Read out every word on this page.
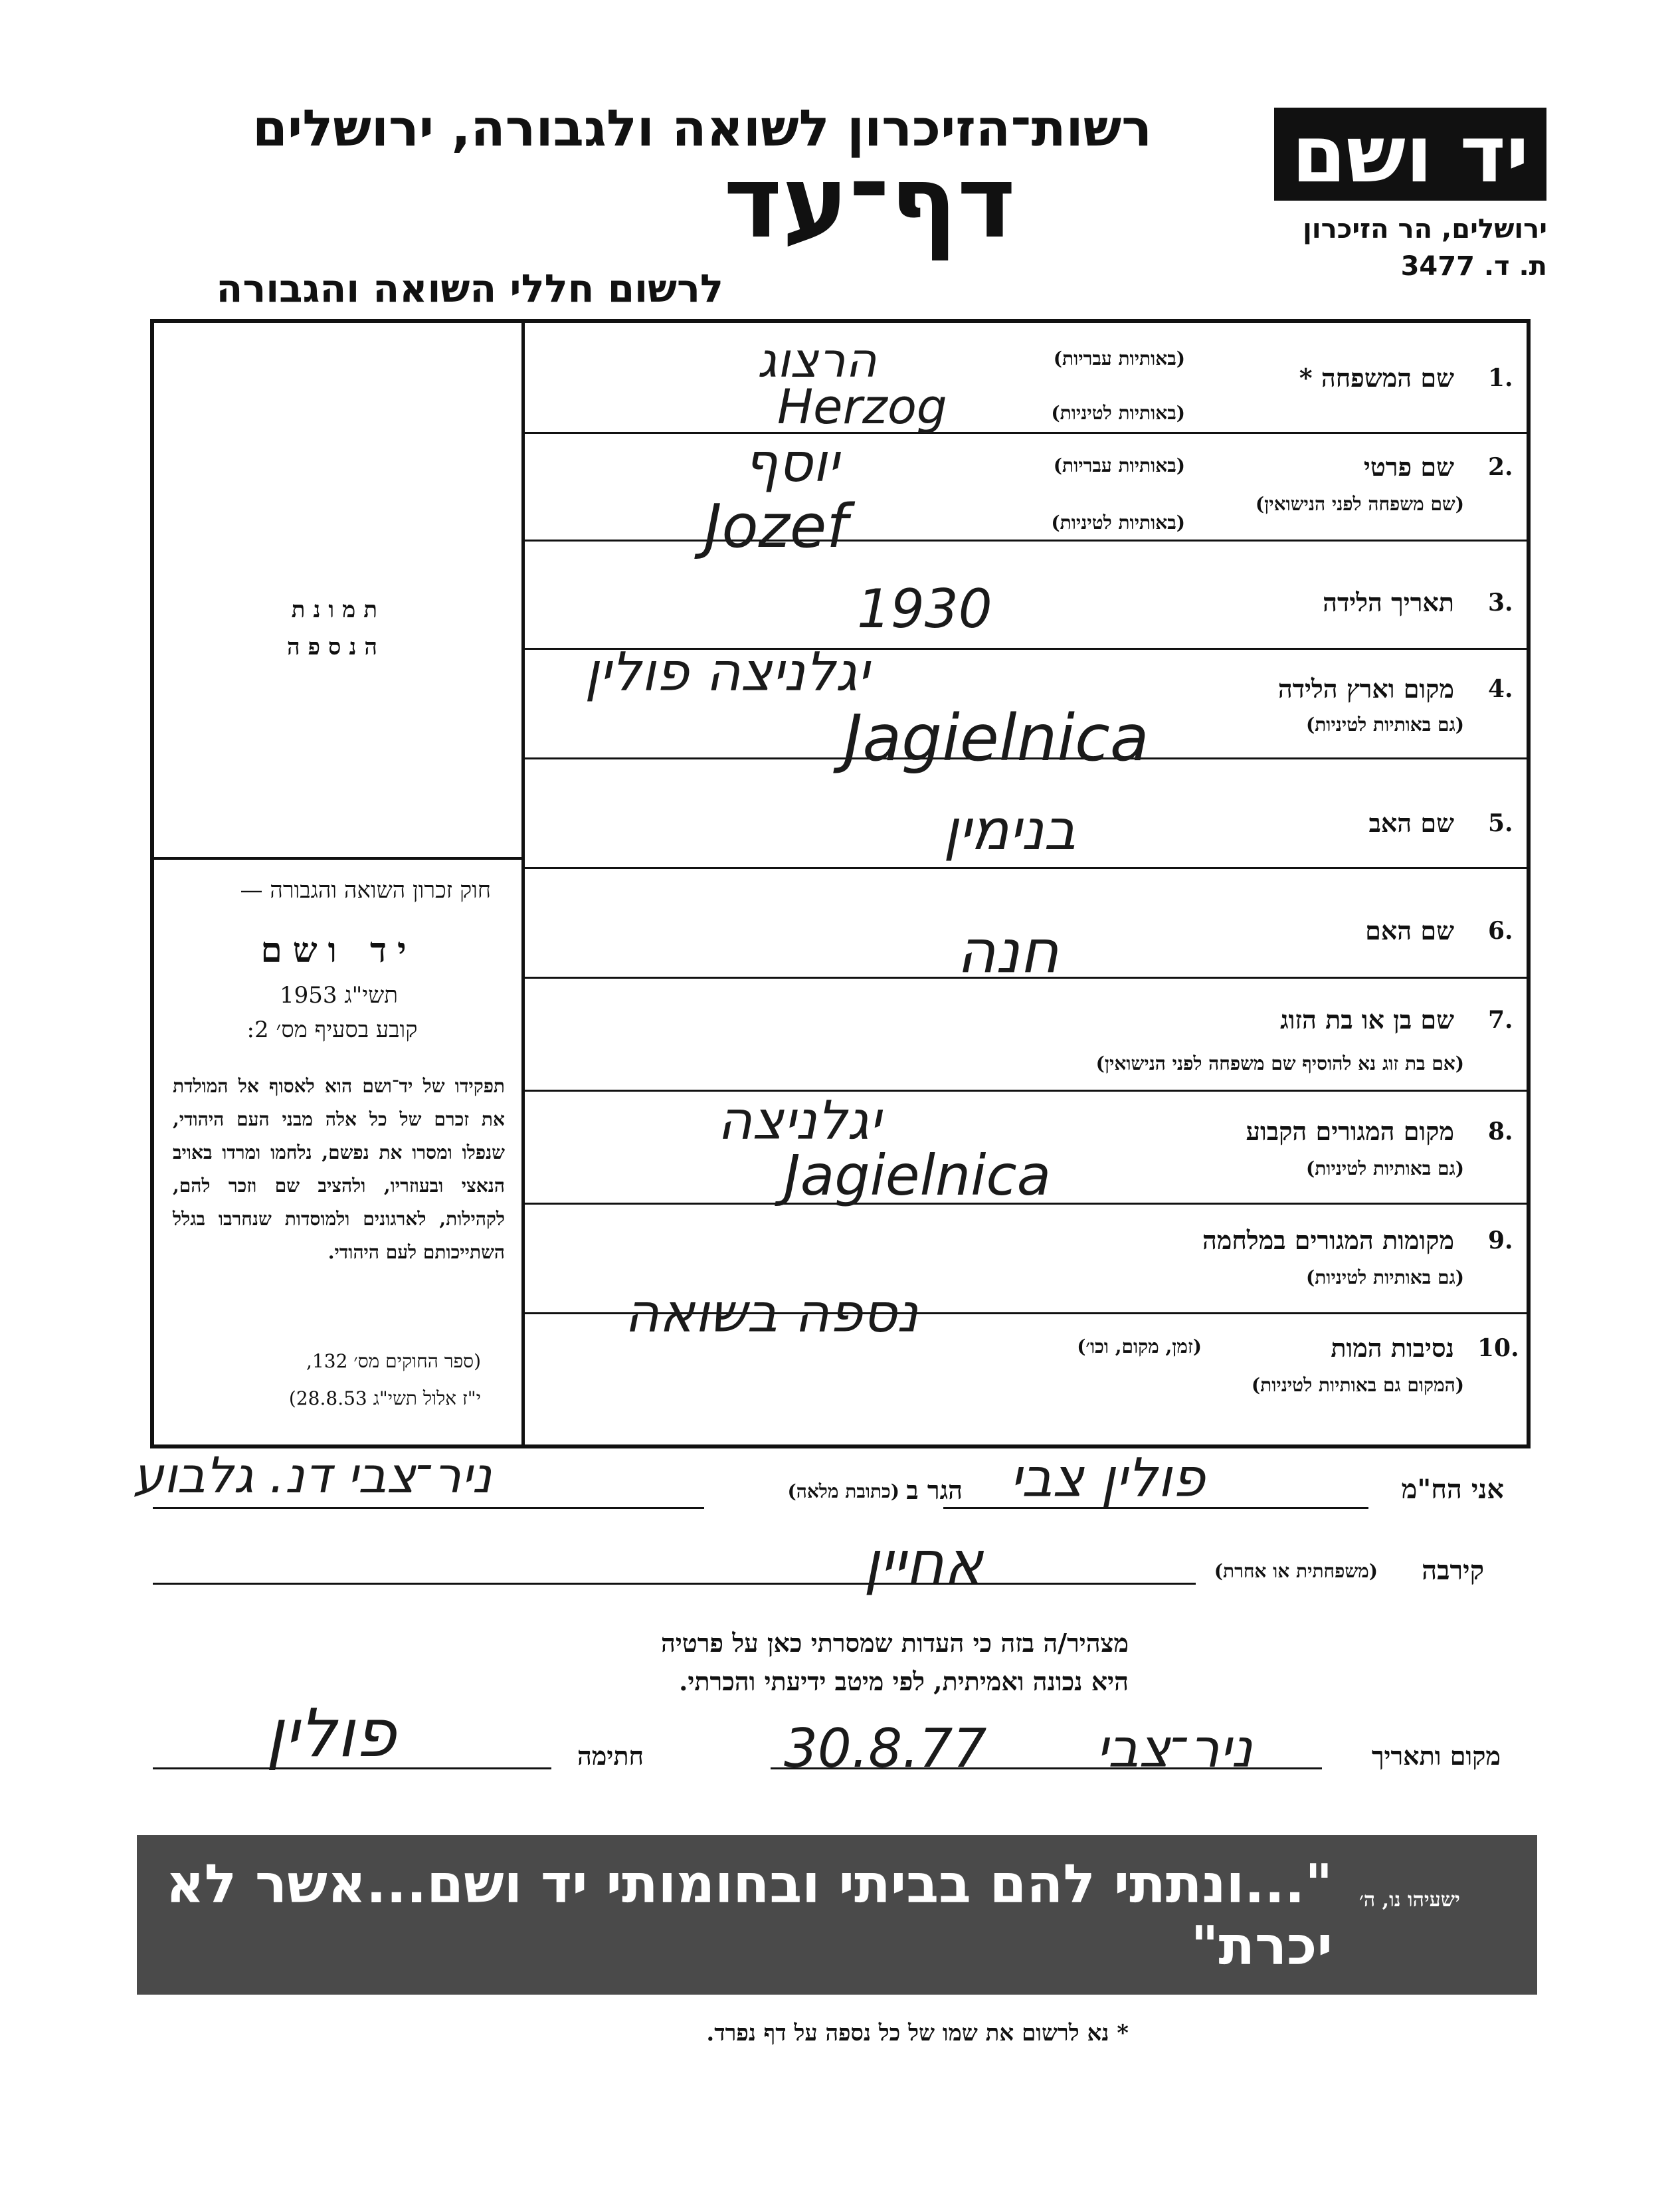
רשות־הזיכרון לשואה ולגבורה, ירושלים
דף־עד
לרשום חללי השואה והגבורה
יד ושם
ירושלים, הר הזיכרון
ת. ד. 3477
תמונת הנספה
חוק זכרון השואה והגבורה —
יד ושם
תשי"ג 1953
קובע בסעיף מס׳ 2:
תפקידו של יד־ושם הוא לאסוף אל המולדת את זכרם של כל אלה מבני העם היהודי, שנפלו ומסרו את נפשם, נלחמו ומרדו באויב הנאצי ובעוזריו, ולהציב שם וזכר להם, לקהילות, לארגונים ולמוסדות שנחרבו בגלל השתייכותם לעם היהודי.
(ספר החוקים מס׳ 132,
י"ז אלול תשי"ג 28.8.53)
1.
שם המשפחה *
(באותיות עבריות)
(באותיות לטיניות)
הרצוג
Herzog
2.
שם פרטי
(שם משפחה לפני הנישואין)
(באותיות עבריות)
(באותיות לטיניות)
יוסף
Jozef
3.
תאריך הלידה
1930
4.
מקום וארץ הלידה
(גם באותיות לטיניות)
יגלניצה פולין
Jagielnica
5.
שם האב
בנימין
6.
שם האם
חנה
7.
שם בן או בת הזוג
(אם בת זוג נא להוסיף שם משפחה לפני הנישואין)
8.
מקום המגורים הקבוע
(גם באותיות לטיניות)
יגלניצה
Jagielnica
9.
מקומות המגורים במלחמה
(גם באותיות לטיניות)
10.
נסיבות המות
(זמן, מקום, וכו׳)
(המקום גם באותיות לטיניות)
נספה בשואה
אני הח"מ
פולין צבי
הגר ב
(כתובת מלאה)
ניר־צבי דנ. גלבוע
קירבה
(משפחתית או אחרת)
אחיין
מצהיר/ה בזה כי העדות שמסרתי כאן על פרטיה
היא נכונה ואמיתית, לפי מיטב ידיעתי והכרתי.
מקום ותאריך
ניר־צבי
30.8.77
חתימה
פולין
"...ונתתי להם בביתי ובחומותי יד ושם...אשר לא יכרת"
ישעיהו נו, ה׳
* נא לרשום את שמו של כל נספה על דף נפרד.
